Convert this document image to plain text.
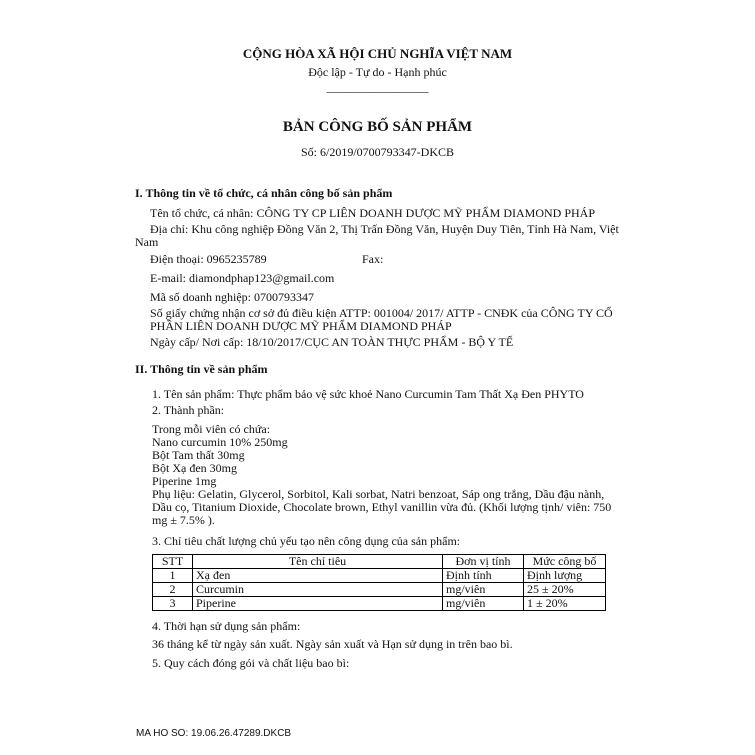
CỘNG HÒA XÃ HỘI CHỦ NGHĨA VIỆT NAM
Độc lập - Tự do - Hạnh phúc
_________________
BẢN CÔNG BỐ SẢN PHẨM
Số: 6/2019/0700793347-DKCB
I. Thông tin về tổ chức, cá nhân công bố sản phẩm
Tên tổ chức, cá nhân: CÔNG TY CP LIÊN DOANH DƯỢC MỸ PHẨM DIAMOND PHÁP
Địa chỉ: Khu công nghiệp Đồng Văn 2, Thị Trấn Đồng Văn, Huyện Duy Tiên, Tỉnh Hà Nam, Việt Nam
Điện thoại: 0965235789	Fax:
E-mail: diamondphap123@gmail.com
Mã số doanh nghiệp: 0700793347
Số giấy chứng nhận cơ sở đủ điều kiện ATTP: 001004/ 2017/ ATTP - CNĐK của CÔNG TY CỔ PHẦN LIÊN DOANH DƯỢC MỸ PHẨM DIAMOND PHÁP
Ngày cấp/ Nơi cấp: 18/10/2017/CỤC AN TOÀN THỰC PHẨM - BỘ Y TẾ
II. Thông tin về sản phẩm
1. Tên sản phẩm: Thực phẩm bảo vệ sức khoẻ Nano Curcumin Tam Thất Xạ Đen PHYTO
2. Thành phần:
Trong mỗi viên có chứa:
Nano curcumin 10% 250mg
Bột Tam thất 30mg
Bột Xạ đen 30mg
Piperine 1mg
Phụ liệu: Gelatin, Glycerol, Sorbitol, Kali sorbat, Natri benzoat, Sáp ong trắng, Dầu đậu nành, Dầu cọ, Titanium Dioxide, Chocolate brown, Ethyl vanillin vừa đủ. (Khối lượng tịnh/ viên: 750 mg ± 7.5% ).
3. Chỉ tiêu chất lượng chủ yếu tạo nên công dụng của sản phẩm:
STT	Tên chỉ tiêu	Đơn vị tính	Mức công bố
1	Xạ đen	Định tính	Định lượng
2	Curcumin	mg/viên	25 ± 20%
3	Piperine	mg/viên	1 ± 20%
4. Thời hạn sử dụng sản phẩm:
36 tháng kể từ ngày sản xuất. Ngày sản xuất và Hạn sử dụng in trên bao bì.
5. Quy cách đóng gói và chất liệu bao bì:
MA HO SO: 19.06.26.47289.DKCB
